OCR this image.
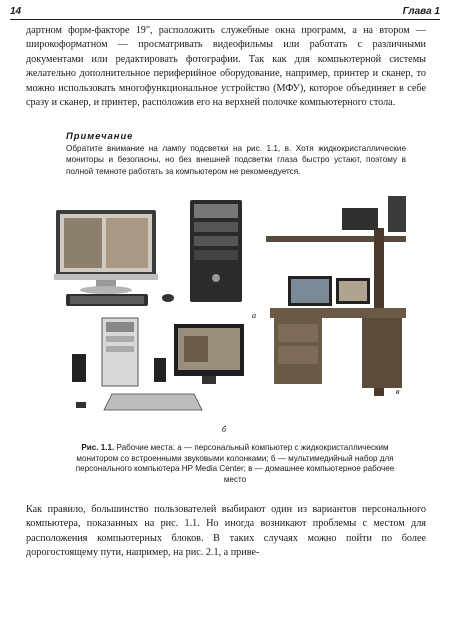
14	Глава 1

дартном форм-факторе 19", расположить служебные окна программ, а на втором — широкоформатном — просматривать видеофильмы или работать с различными документами или редактировать фотографии. Так как для компьютерной системы желательно дополнительное периферийное оборудование, например, принтер и сканер, то можно использовать многофункциональное устройство (МФУ), которое объединяет в себе сразу и сканер, и принтер, расположив его на верхней полочке компьютерного стола.

Примечание
Обратите внимание на лампу подсветки на рис. 1.1, в. Хотя жидкокристаллические мониторы и безопасны, но без внешней подсветки глаза быстро устают, поэтому в полной темноте работать за компьютером не рекомендуется.
а
б
в
Рис. 1.1. Рабочие места: а — персональный компьютер с жидкокристаллическим монитором со встроенными звуковыми колонками; б — мультимедийный набор для персонального компьютера HP Media Center; в — домашнее компьютерное рабочее место

Как правило, большинство пользователей выбирают один из вариантов персонального компьютера, показанных на рис. 1.1. Но иногда возникают проблемы с местом для расположения компьютерных блоков. В таких случаях можно пойти по более дорогостоящему пути, например, на рис. 2.1, а приве-
